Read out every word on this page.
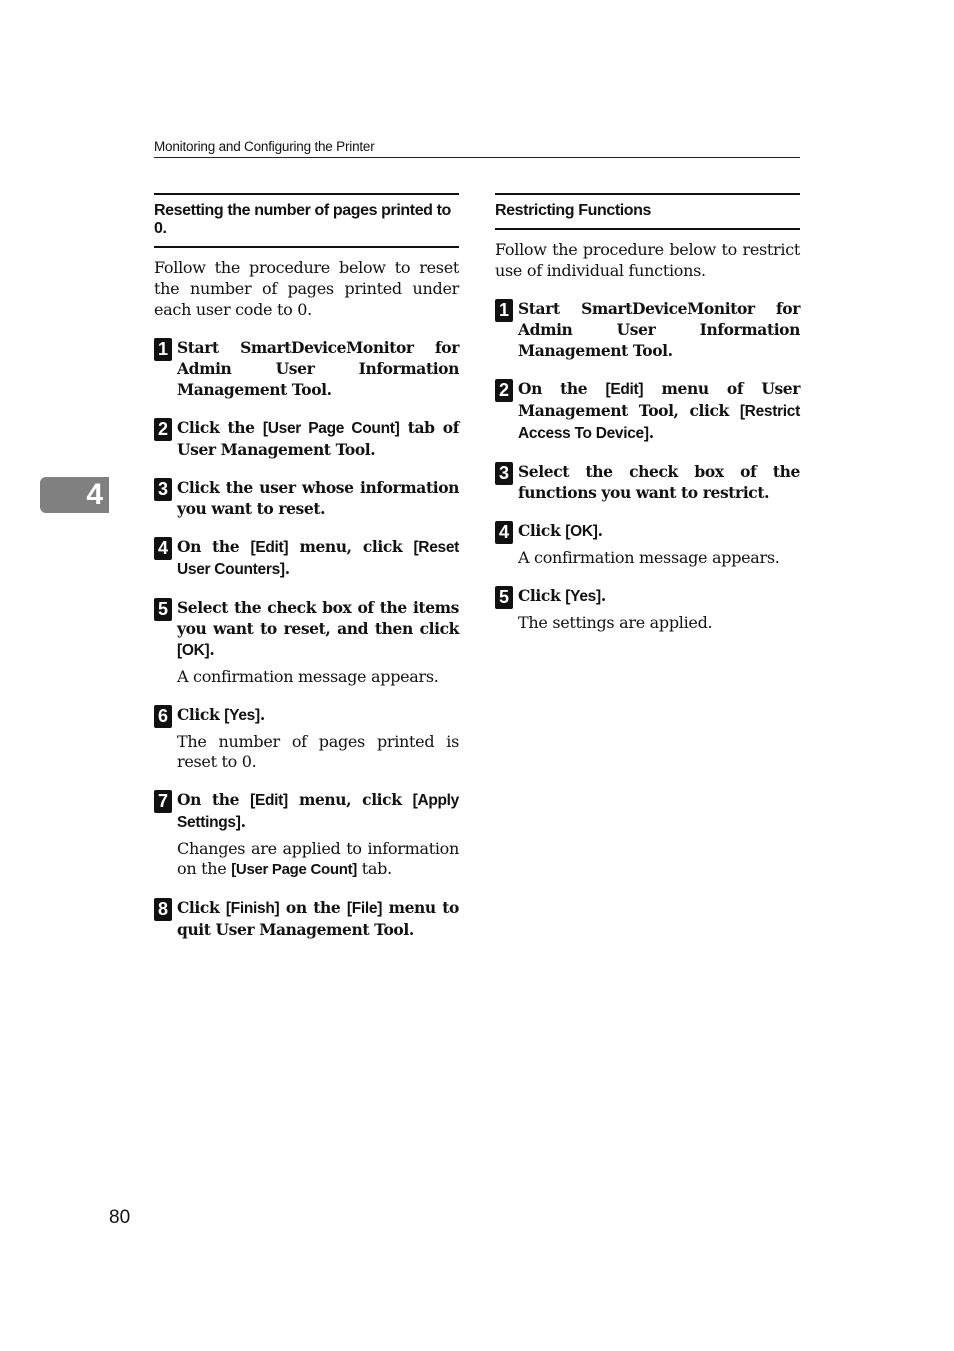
Monitoring and Configuring the Printer
4
Resetting the number of pages printed to 0.
Follow the procedure below to reset the number of pages printed under each user code to 0.
1 Start SmartDeviceMonitor for Admin User Information Management Tool.
2 Click the [User Page Count] tab of User Management Tool.
3 Click the user whose information you want to reset.
4 On the [Edit] menu, click [Reset User Counters].
5 Select the check box of the items you want to reset, and then click [OK].
A confirmation message appears.
6 Click [Yes].
The number of pages printed is reset to 0.
7 On the [Edit] menu, click [Apply Settings].
Changes are applied to information on the [User Page Count] tab.
8 Click [Finish] on the [File] menu to quit User Management Tool.
Restricting Functions
Follow the procedure below to restrict use of individual functions.
1 Start SmartDeviceMonitor for Admin User Information Management Tool.
2 On the [Edit] menu of User Management Tool, click [Restrict Access To Device].
3 Select the check box of the functions you want to restrict.
4 Click [OK].
A confirmation message appears.
5 Click [Yes].
The settings are applied.
80
